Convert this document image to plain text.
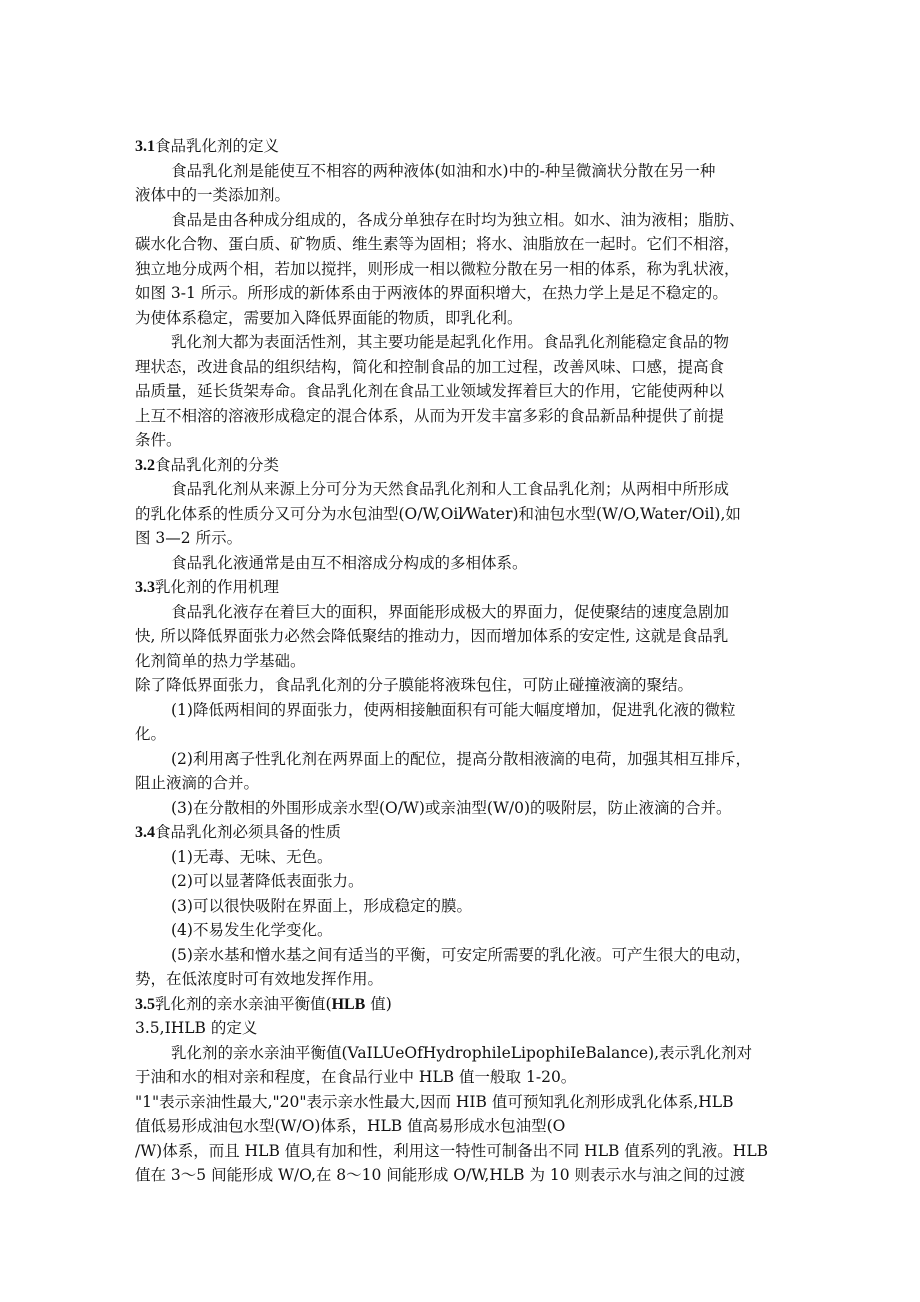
3.1食品乳化剂的定义
食品乳化剂是能使互不相容的两种液体(如油和水)中的-种呈微滴状分散在另一种
液体中的一类添加剂。
食品是由各种成分组成的，各成分单独存在时均为独立相。如水、油为液相；脂肪、
碳水化合物、蛋白质、矿物质、维生素等为固相；将水、油脂放在一起时。它们不相溶，
独立地分成两个相，若加以搅拌，则形成一相以微粒分散在另一相的体系，称为乳状液，
如图 3-1 所示。所形成的新体系由于两液体的界面积增大，在热力学上是足不稳定的。
为使体系稳定，需要加入降低界面能的物质，即乳化利。
乳化剂大都为表面活性剂，其主要功能是起乳化作用。食品乳化剂能稳定食品的物
理状态，改进食品的组织结构，简化和控制食品的加工过程，改善风味、口感，提高食
品质量，延长货架寿命。食品乳化剂在食品工业领域发挥着巨大的作用，它能使两种以
上互不相溶的溶液形成稳定的混合体系，从而为开发丰富多彩的食品新品种提供了前提
条件。
3.2食品乳化剂的分类
食品乳化剂从来源上分可分为天然食品乳化剂和人工食品乳化剂；从两相中所形成
的乳化体系的性质分又可分为水包油型(O/W,Oil⁄Water)和油包水型(W/O,Water/Oil),如
图 3—2 所示。
食品乳化液通常是由互不相溶成分构成的多相体系。
3.3乳化剂的作用机理
食品乳化液存在着巨大的面积，界面能形成极大的界面力，促使聚结的速度急剧加
快, 所以降低界面张力必然会降低聚结的推动力，因而增加体系的安定性, 这就是食品乳
化剂简单的热力学基础。
除了降低界面张力，食品乳化剂的分子膜能将液珠包住，可防止碰撞液滴的聚结。
(1)降低两相间的界面张力，使两相接触面积有可能大幅度增加，促进乳化液的微粒
化。
(2)利用离子性乳化剂在两界面上的配位，提高分散相液滴的电荷，加强其相互排斥，
阻止液滴的合并。
(3)在分散相的外围形成亲水型(O/W)或亲油型(W/0)的吸附层，防止液滴的合并。
3.4食品乳化剂必须具备的性质
(1)无毒、无味、无色。
(2)可以显著降低表面张力。
(3)可以很快吸附在界面上，形成稳定的膜。
(4)不易发生化学变化。
(5)亲水基和憎水基之间有适当的平衡，可安定所需要的乳化液。可产生很大的电动，
势，在低浓度时可有效地发挥作用。
3.5乳化剂的亲水亲油平衡值(HLB 值)
3.5,IHLB 的定义
乳化剂的亲水亲油平衡值(VaILUeOfHydrophileLipophiIeBalance),表示乳化剂对
于油和水的相对亲和程度，在食品行业中 HLB 值一般取 1-20。
"1"表示亲油性最大,"20"表示亲水性最大,因而 HIB 值可预知乳化剂形成乳化体系,HLB
值低易形成油包水型(W/O)体系，HLB 值高易形成水包油型(O
/W)体系，而且 HLB 值具有加和性，利用这一特性可制备出不同 HLB 值系列的乳液。HLB
值在 3～5 间能形成 W/O,在 8～10 间能形成 O/W,HLB 为 10 则表示水与油之间的过渡
